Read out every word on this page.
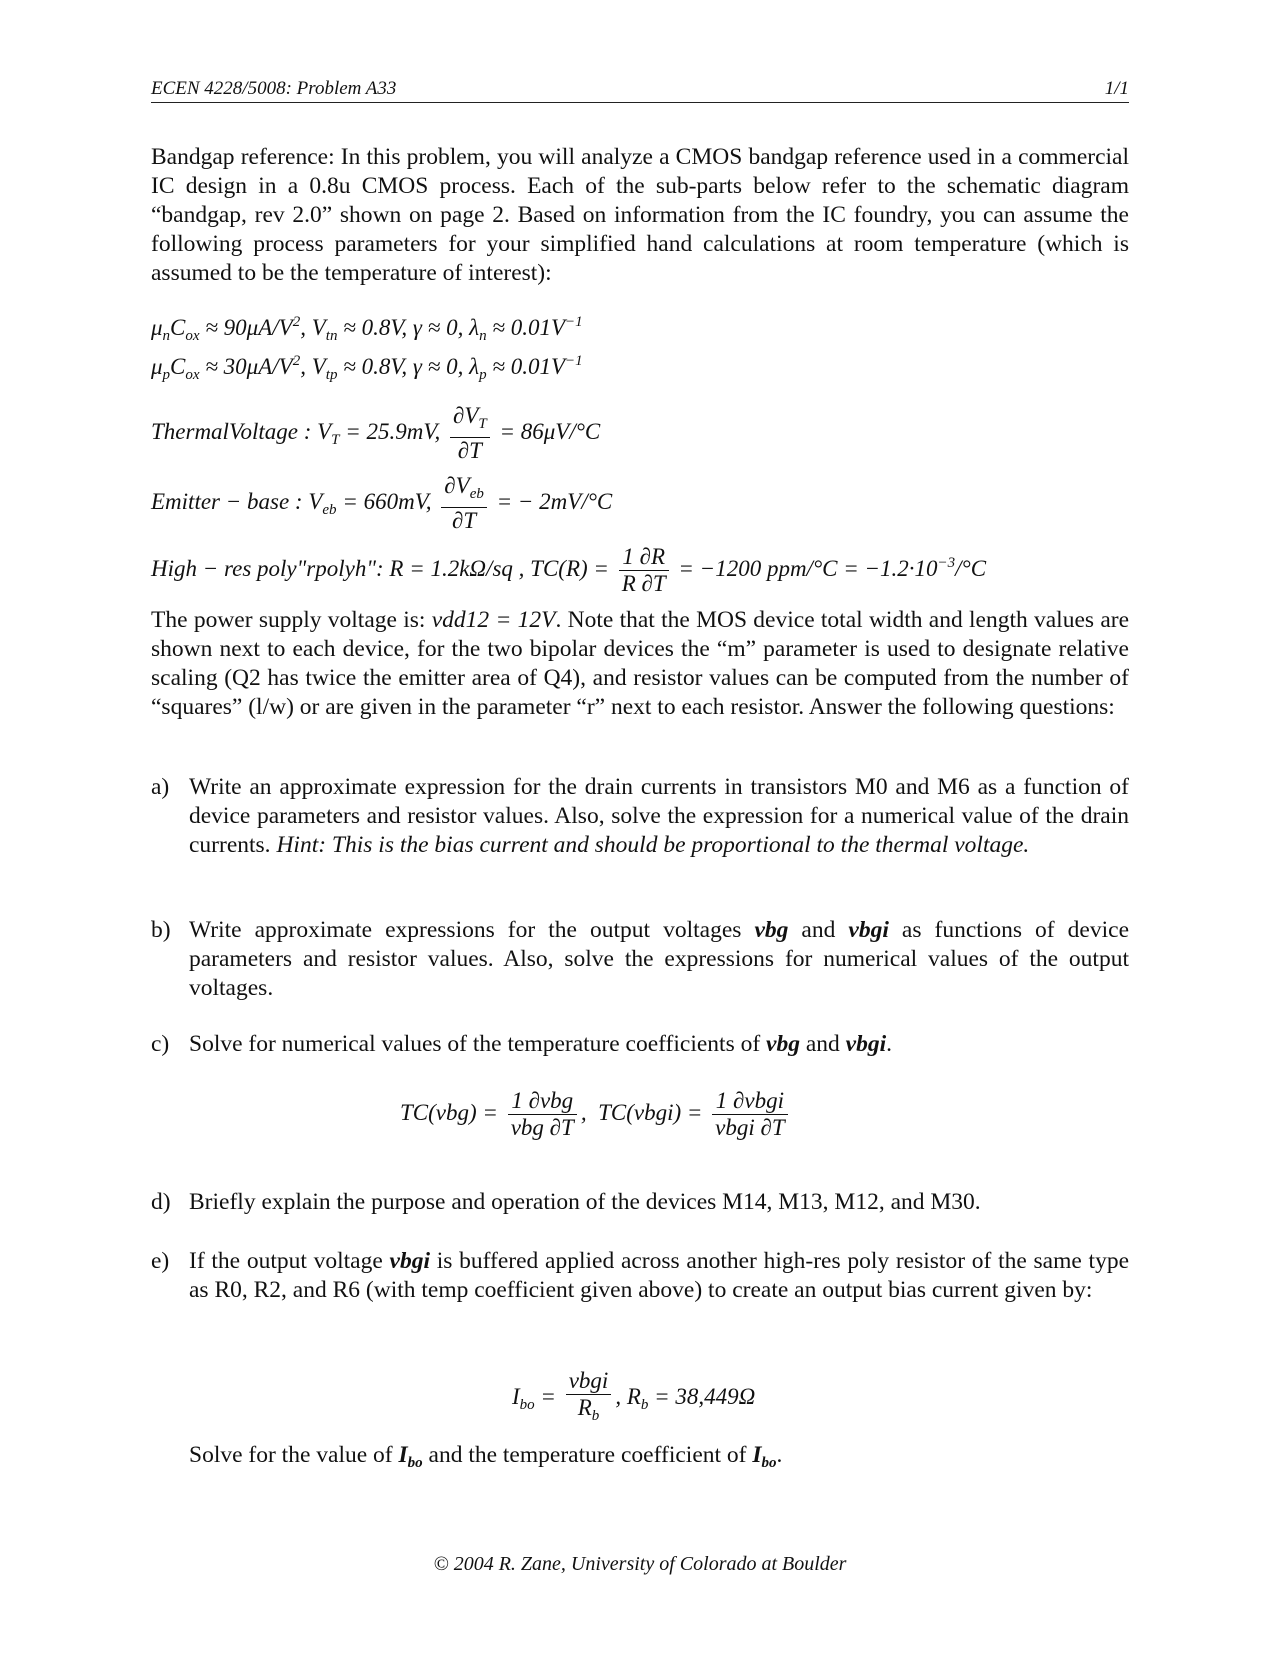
ECEN 4228/5008: Problem A33	1/1
Bandgap reference: In this problem, you will analyze a CMOS bandgap reference used in a commercial IC design in a 0.8u CMOS process. Each of the sub-parts below refer to the schematic diagram “bandgap, rev 2.0” shown on page 2. Based on information from the IC foundry, you can assume the following process parameters for your simplified hand calculations at room temperature (which is assumed to be the temperature of interest):
$\mu_nC_{ox} \approx 90\mu A/V^2$, $V_{tn} \approx 0.8V$, γ ≈ 0, $\lambda_n \approx 0.01V^{-1}$
$\mu_pC_{ox} \approx 30\mu A/V^2$, $V_{tp} \approx 0.8V$, γ ≈ 0, $\lambda_p \approx 0.01V^{-1}$
ThermalVoltage : $V_T = 25.9mV$, $\frac{\partial V_T}{\partial T} = 86\mu V/^\circ C$
Emitter − base : $V_{eb} = 660mV$, $\frac{\partial V_{eb}}{\partial T}$ = − 2mV/°C
High − res poly"rpolyh": R = 1.2kΩ/sq , $TC(R) = \frac{1 \partial R}{R \partial T} = -1200$ $ppm/^\circ C = -1.2\cdot 10^{-3}/^\circ C$
The power supply voltage is: vdd12 = 12V. Note that the MOS device total width and length values are shown next to each device, for the two bipolar devices the “m” parameter is used to designate relative scaling (Q2 has twice the emitter area of Q4), and resistor values can be computed from the number of “squares” (l/w) or are given in the parameter “r” next to each resistor. Answer the following questions:
a) Write an approximate expression for the drain currents in transistors M0 and M6 as a function of device parameters and resistor values. Also, solve the expression for a numerical value of the drain currents. Hint: This is the bias current and should be proportional to the thermal voltage.
b) Write approximate expressions for the output voltages vbg and vbgi as functions of device parameters and resistor values. Also, solve the expressions for numerical values of the output voltages.
c) Solve for numerical values of the temperature coefficients of vbg and vbgi.
$TC(vbg) = \frac{\text{1 ∂vbg}}{\text{vbg ∂T}}$ , TC(vbgi) = $\frac{\text{1 ∂vbgi}}{\text{vbgi ∂T}}$
d) Briefly explain the purpose and operation of the devices M14, M13, M12, and M30.
e) If the output voltage vbgi is buffered applied across another high-res poly resistor of the same type as R0, R2, and R6 (with temp coefficient given above) to create an output bias current given by:
$I_{bo} = \frac{\text{vbgi}}{R_b}$ , $R_b = 38,449\Omega$
Solve for the value of $I_{bo}$ and the temperature coefficient of $I_{bo}$.
© 2004 R. Zane, University of Colorado at Boulder
